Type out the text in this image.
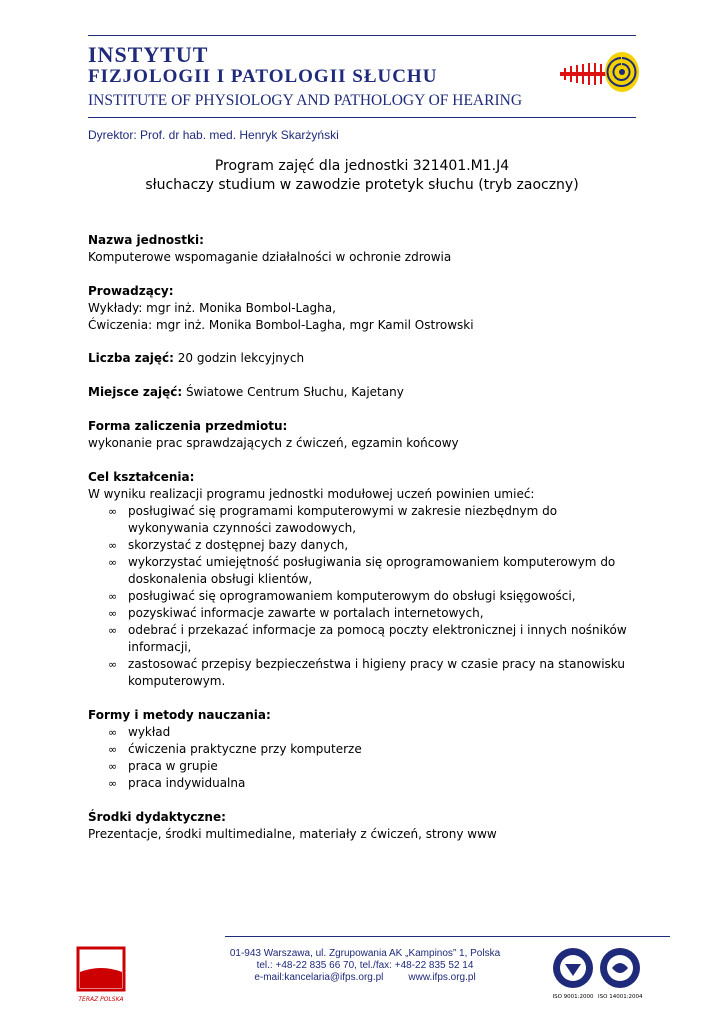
INSTYTUT
FIZJOLOGII I PATOLOGII SŁUCHU
INSTITUTE OF PHYSIOLOGY AND PATHOLOGY OF HEARING
Dyrektor: Prof. dr hab. med. Henryk Skarżyński
Program zajęć dla jednostki 321401.M1.J4
słuchaczy studium w zawodzie protetyk słuchu (tryb zaoczny)
Nazwa jednostki:
Komputerowe wspomaganie działalności w ochronie zdrowia
Prowadzący:
Wykłady: mgr inż. Monika Bombol-Lagha,
Ćwiczenia: mgr inż. Monika Bombol-Lagha, mgr Kamil Ostrowski
Liczba zajęć: 20 godzin lekcyjnych
Miejsce zajęć: Światowe Centrum Słuchu, Kajetany
Forma zaliczenia przedmiotu:
wykonanie prac sprawdzających z ćwiczeń, egzamin końcowy
Cel kształcenia:
W wyniku realizacji programu jednostki modułowej uczeń powinien umieć:
∞ posługiwać się programami komputerowymi w zakresie niezbędnym do wykonywania czynności zawodowych,
∞ skorzystać z dostępnej bazy danych,
∞ wykorzystać umiejętność posługiwania się oprogramowaniem komputerowym do doskonalenia obsługi klientów,
∞ posługiwać się oprogramowaniem komputerowym do obsługi księgowości,
∞ pozyskiwać informacje zawarte w portalach internetowych,
∞ odebrać i przekazać informacje za pomocą poczty elektronicznej i innych nośników informacji,
∞ zastosować przepisy bezpieczeństwa i higieny pracy w czasie pracy na stanowisku komputerowym.
Formy i metody nauczania:
∞ wykład
∞ ćwiczenia praktyczne przy komputerze
∞ praca w grupie
∞ praca indywidualna
Środki dydaktyczne:
Prezentacje, środki multimedialne, materiały z ćwiczeń, strony www
TERAZ POLSKA
01-943 Warszawa, ul. Zgrupowania AK „Kampinos” 1, Polska
tel.: +48-22 835 66 70, tel./fax: +48-22 835 52 14
e-mail:kancelaria@ifps.org.pl	www.ifps.org.pl
ISO 9001:2000 ISO 14001:2004
